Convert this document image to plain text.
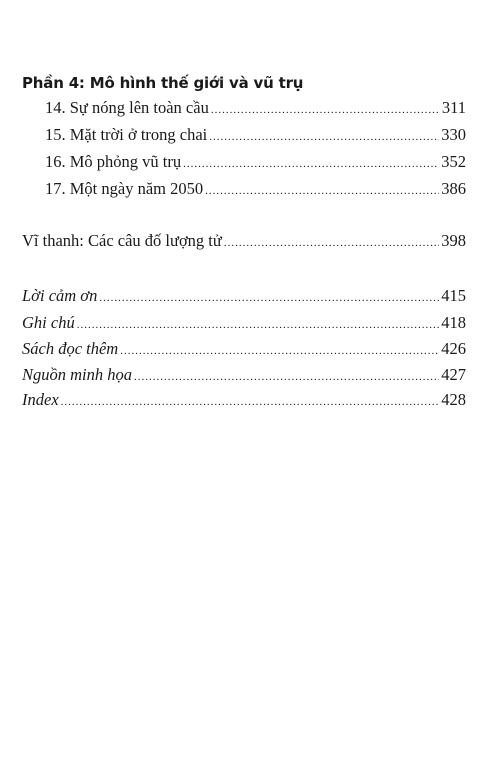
Phần 4: Mô hình thế giới và vũ trụ
14. Sự nóng lên toàn cầu .....	311
15. Mặt trời ở trong chai .....	330
16. Mô phỏng vũ trụ .....	352
17. Một ngày năm 2050 .....	386
Vĩ thanh: Các câu đố lượng tử .....	398
Lời cảm ơn .....	415
Ghi chú .....	418
Sách đọc thêm .....	426
Nguồn minh họa .....	427
Index .....	428
